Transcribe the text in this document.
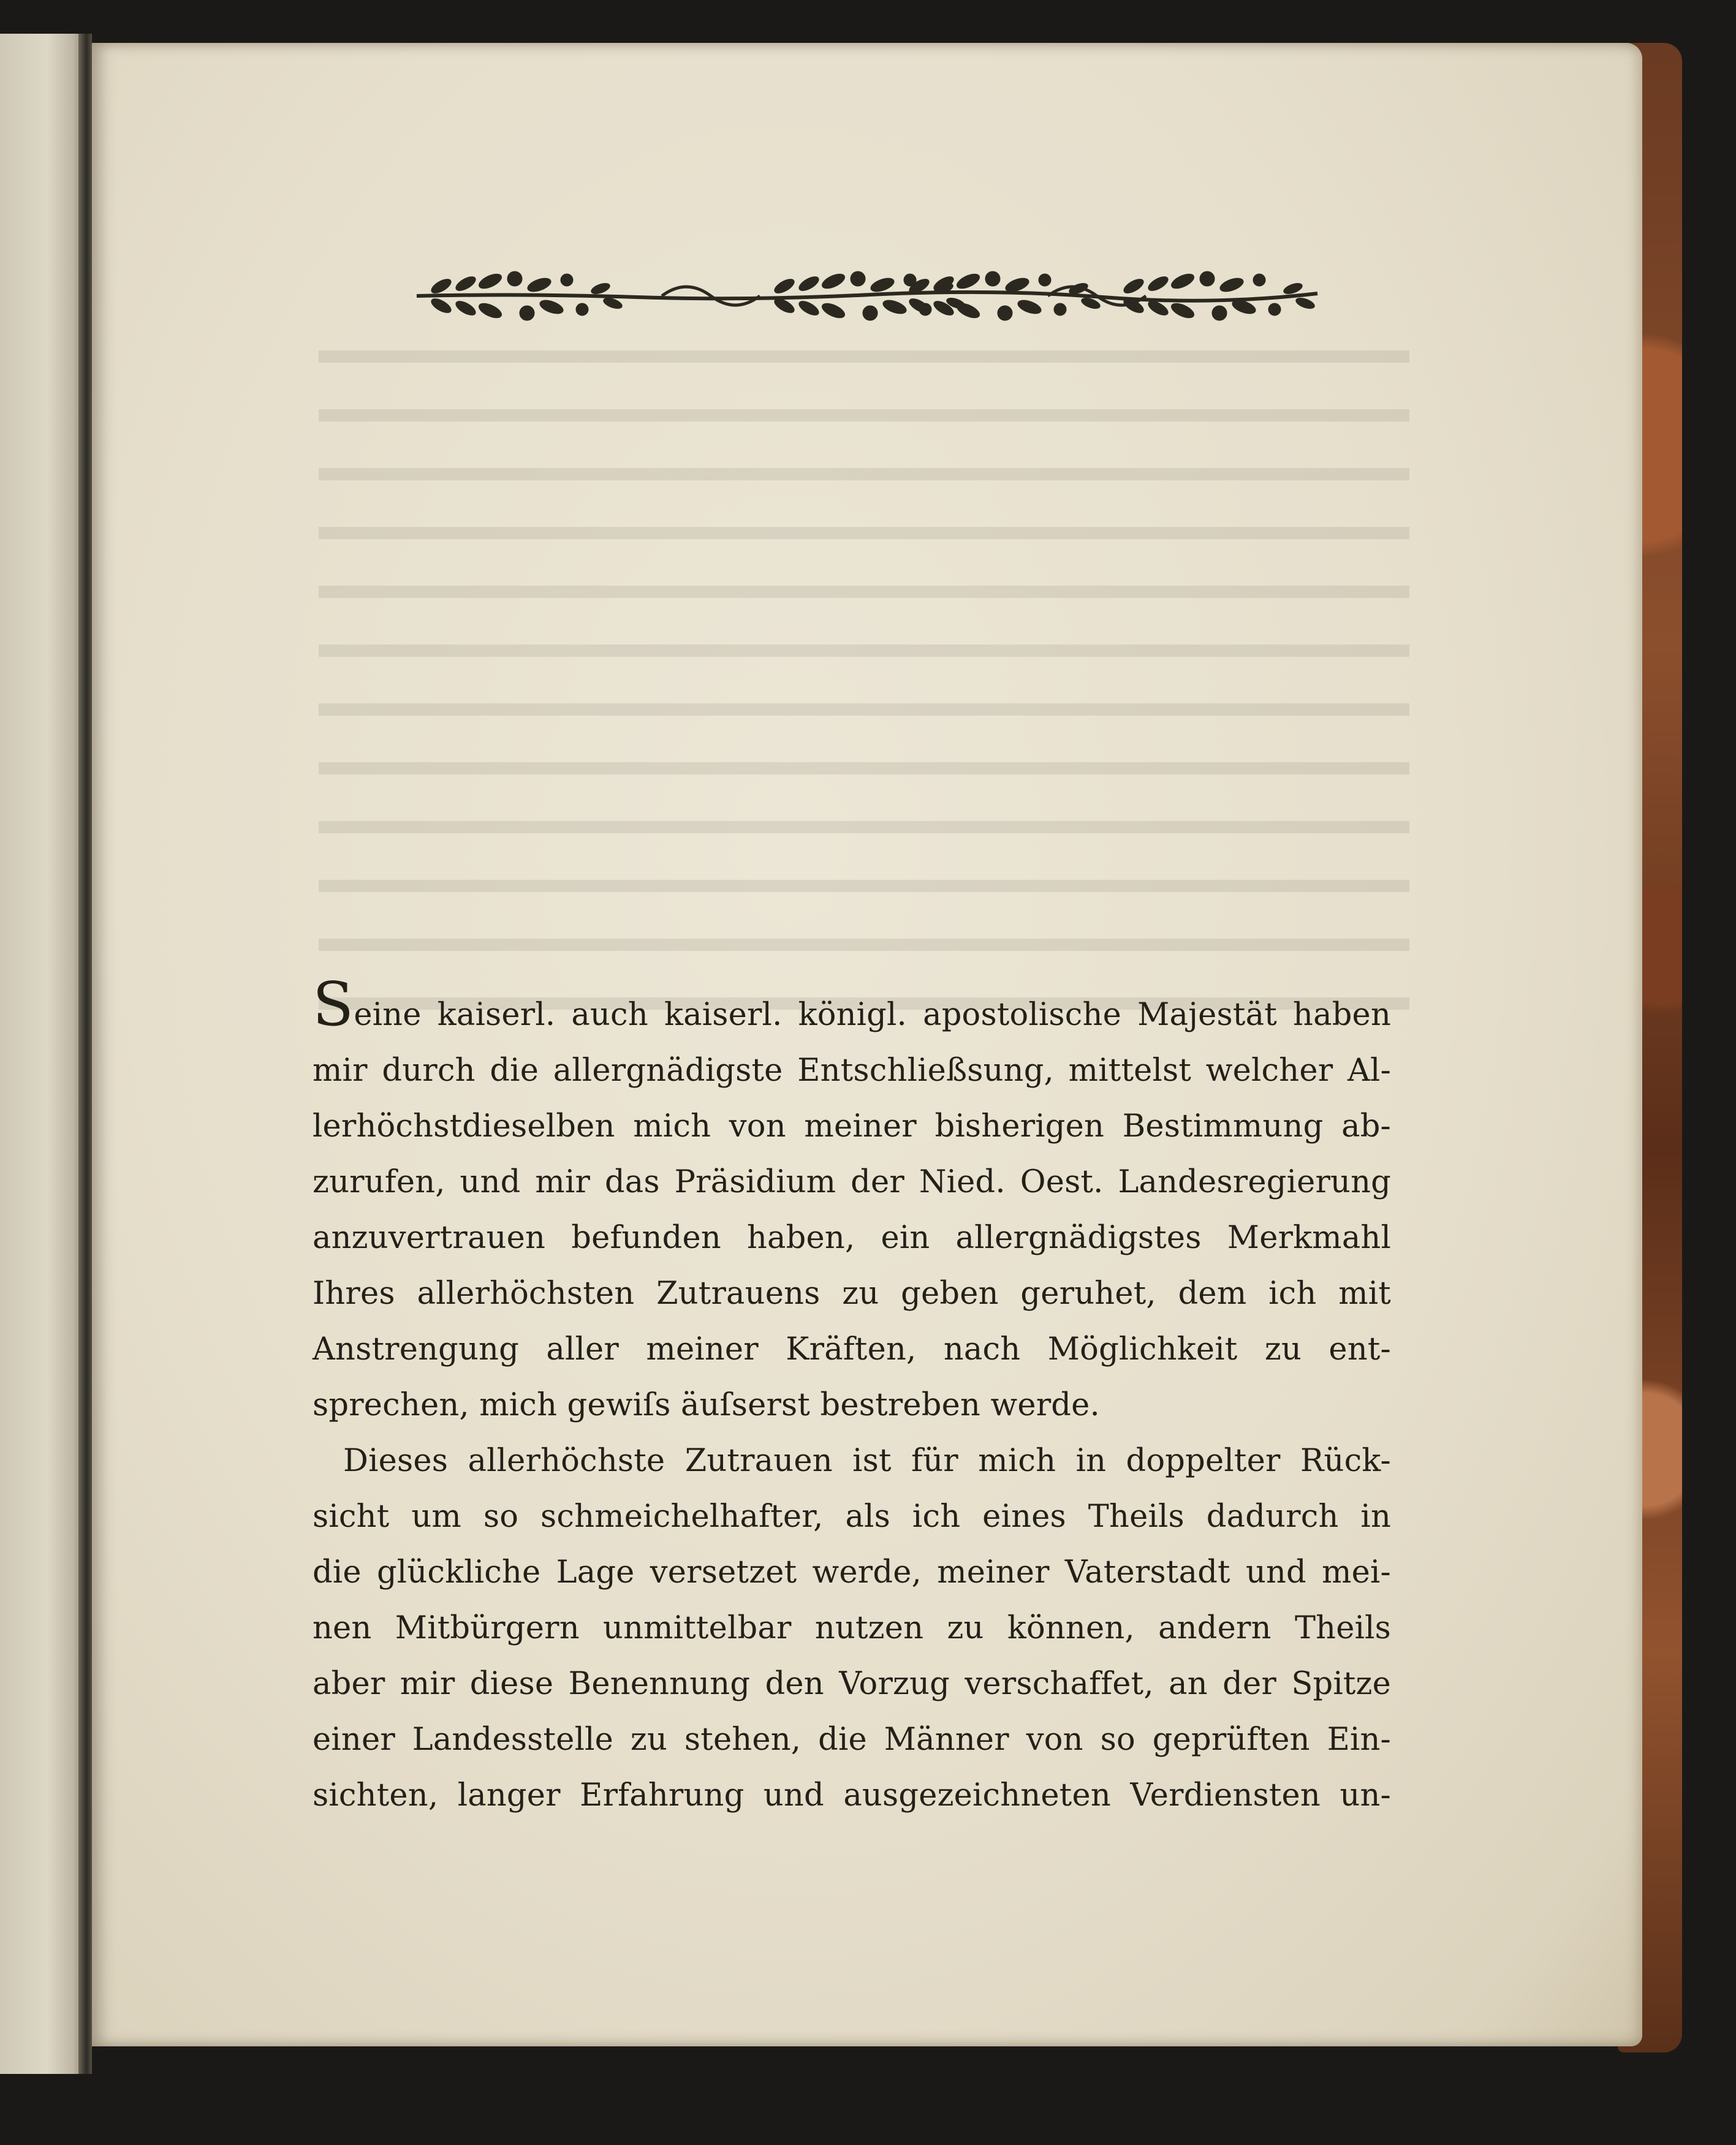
Seine kaiserl. auch kaiserl. königl. apostolische Majestät haben

mir durch die allergnädigste Entschließsung, mittelst welcher Al-

lerhöchstdieselben mich von meiner bisherigen Bestimmung ab-

zurufen, und mir das Präsidium der Nied. Oest. Landesregierung

anzuvertrauen befunden haben, ein allergnädigstes Merkmahl

Ihres allerhöchsten Zutrauens zu geben geruhet, dem ich mit

Anstrengung aller meiner Kräften, nach Möglichkeit zu ent-

sprechen, mich gewiſs äuſserst bestreben werde.

Dieses allerhöchste Zutrauen ist für mich in doppelter Rück-

sicht um so schmeichelhafter, als ich eines Theils dadurch in

die glückliche Lage versetzet werde, meiner Vaterstadt und mei-

nen Mitbürgern unmittelbar nutzen zu können, andern Theils

aber mir diese Benennung den Vorzug verschaffet, an der Spitze

einer Landesstelle zu stehen, die Männer von so geprüften Ein-

sichten, langer Erfahrung und ausgezeichneten Verdiensten un-
